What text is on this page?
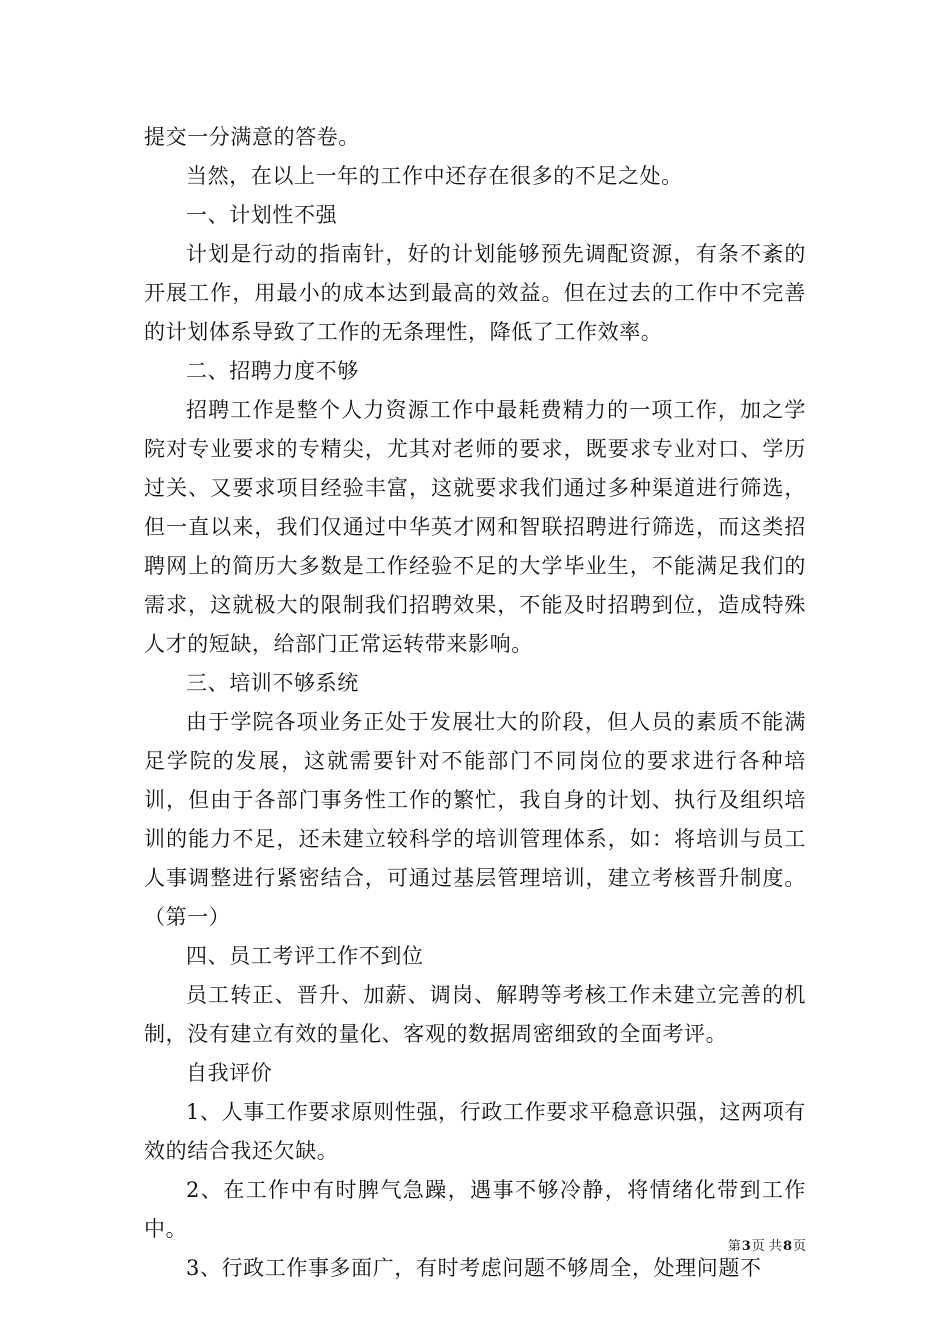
提交一分满意的答卷。

当然，在以上一年的工作中还存在很多的不足之处。

一、计划性不强

计划是行动的指南针，好的计划能够预先调配资源，有条不紊的开展工作，用最小的成本达到最高的效益。但在过去的工作中不完善的计划体系导致了工作的无条理性，降低了工作效率。

二、招聘力度不够

招聘工作是整个人力资源工作中最耗费精力的一项工作，加之学院对专业要求的专精尖，尤其对老师的要求，既要求专业对口、学历过关、又要求项目经验丰富，这就要求我们通过多种渠道进行筛选，但一直以来，我们仅通过中华英才网和智联招聘进行筛选，而这类招聘网上的简历大多数是工作经验不足的大学毕业生，不能满足我们的需求，这就极大的限制我们招聘效果，不能及时招聘到位，造成特殊人才的短缺，给部门正常运转带来影响。

三、培训不够系统

由于学院各项业务正处于发展壮大的阶段，但人员的素质不能满足学院的发展，这就需要针对不能部门不同岗位的要求进行各种培训，但由于各部门事务性工作的繁忙，我自身的计划、执行及组织培训的能力不足，还未建立较科学的培训管理体系，如：将培训与员工人事调整进行紧密结合，可通过基层管理培训，建立考核晋升制度。（第一）

四、员工考评工作不到位

员工转正、晋升、加薪、调岗、解聘等考核工作未建立完善的机制，没有建立有效的量化、客观的数据周密细致的全面考评。

自我评价

1、人事工作要求原则性强，行政工作要求平稳意识强，这两项有效的结合我还欠缺。

2、在工作中有时脾气急躁，遇事不够冷静，将情绪化带到工作中。

3、行政工作事多面广，有时考虑问题不够周全，处理问题不

第3页 共8页
